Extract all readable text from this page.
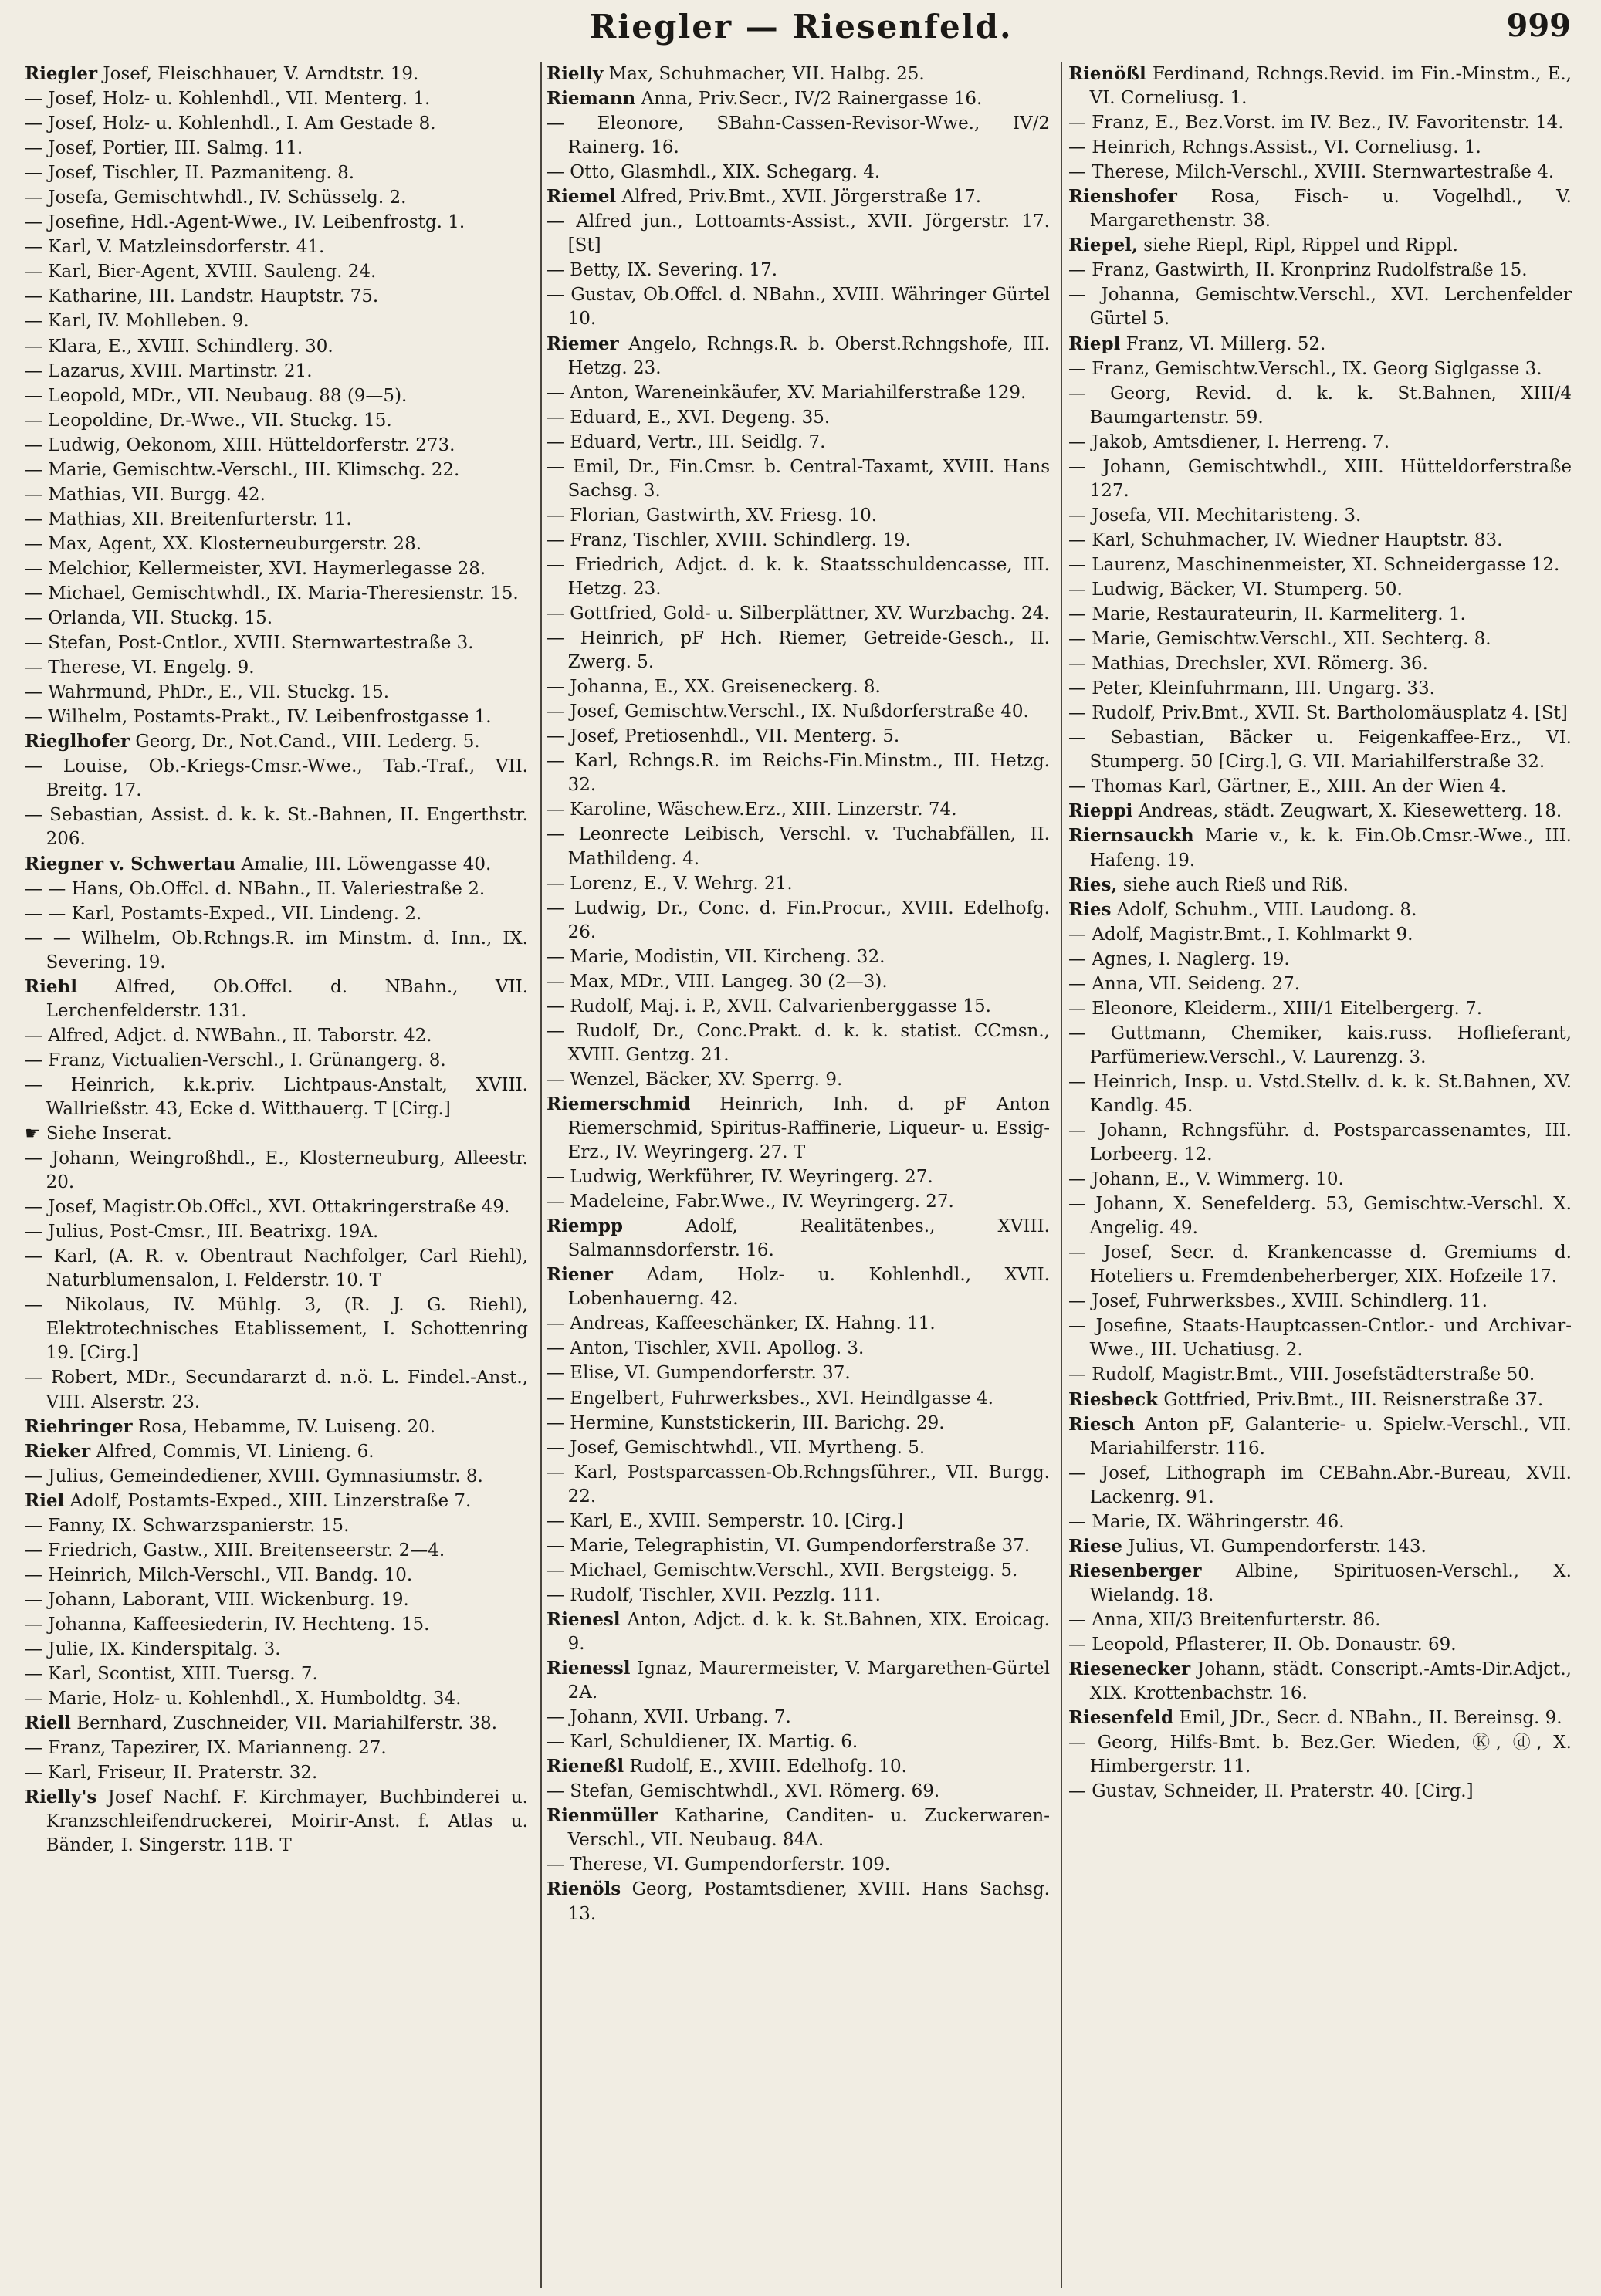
Riegler — Riesenfeld.	999

Riegler Josef, Fleischhauer, V. Arndtstr. 19.

— Josef, Holz- u. Kohlenhdl., VII. Menterg. 1.

— Josef, Holz- u. Kohlenhdl., I. Am Gestade 8.

— Josef, Portier, III. Salmg. 11.

— Josef, Tischler, II. Pazmaniteng. 8.

— Josefa, Gemischtwhdl., IV. Schüsselg. 2.

— Josefine, Hdl.-Agent-Wwe., IV. Leibenfrostg. 1.

— Karl, V. Matzleinsdorferstr. 41.

— Karl, Bier-Agent, XVIII. Sauleng. 24.

— Katharine, III. Landstr. Hauptstr. 75.

— Karl, IV. Mohlleben. 9.

— Klara, E., XVIII. Schindlerg. 30.

— Lazarus, XVIII. Martinstr. 21.

— Leopold, MDr., VII. Neubaug. 88 (9—5).

— Leopoldine, Dr.-Wwe., VII. Stuckg. 15.

— Ludwig, Oekonom, XIII. Hütteldorferstr. 273.

— Marie, Gemischtw.-Verschl., III. Klimschg. 22.

— Mathias, VII. Burgg. 42.

— Mathias, XII. Breitenfurterstr. 11.

— Max, Agent, XX. Klosterneuburgerstr. 28.

— Melchior, Kellermeister, XVI. Haymerlegasse 28.

— Michael, Gemischtwhdl., IX. Maria-Theresienstr. 15.

— Orlanda, VII. Stuckg. 15.

— Stefan, Post-Cntlor., XVIII. Sternwartestraße 3.

— Therese, VI. Engelg. 9.

— Wahrmund, PhDr., E., VII. Stuckg. 15.

— Wilhelm, Postamts-Prakt., IV. Leibenfrostgasse 1.

Rieglhofer Georg, Dr., Not.Cand., VIII. Lederg. 5.

— Louise, Ob.-Kriegs-Cmsr.-Wwe., Tab.-Traf., VII. Breitg. 17.

— Sebastian, Assist. d. k. k. St.-Bahnen, II. Engerthstr. 206.

Riegner v. Schwertau Amalie, III. Löwengasse 40.

— — Hans, Ob.Offcl. d. NBahn., II. Valeriestraße 2.

— — Karl, Postamts-Exped., VII. Lindeng. 2.

— — Wilhelm, Ob.Rchngs.R. im Minstm. d. Inn., IX. Severing. 19.

Riehl Alfred, Ob.Offcl. d. NBahn., VII. Lerchenfelderstr. 131.

— Alfred, Adjct. d. NWBahn., II. Taborstr. 42.

— Franz, Victualien-Verschl., I. Grünangerg. 8.

— Heinrich, k.k.priv. Lichtpaus-Anstalt, XVIII. Wallrießstr. 43, Ecke d. Witthauerg. T [Cirg.]

☛ Siehe Inserat.

— Johann, Weingroßhdl., E., Klosterneuburg, Alleestr. 20.

— Josef, Magistr.Ob.Offcl., XVI. Ottakringerstraße 49.

— Julius, Post-Cmsr., III. Beatrixg. 19A.

— Karl, (A. R. v. Obentraut Nachfolger, Carl Riehl), Naturblumensalon, I. Felderstr. 10. T

— Nikolaus, IV. Mühlg. 3, (R. J. G. Riehl), Elektrotechnisches Etablissement, I. Schottenring 19. [Cirg.]

— Robert, MDr., Secundararzt d. n.ö. L. Findel.-Anst., VIII. Alserstr. 23.

Riehringer Rosa, Hebamme, IV. Luiseng. 20.

Rieker Alfred, Commis, VI. Linieng. 6.

— Julius, Gemeindediener, XVIII. Gymnasiumstr. 8.

Riel Adolf, Postamts-Exped., XIII. Linzerstraße 7.

— Fanny, IX. Schwarzspanierstr. 15.

— Friedrich, Gastw., XIII. Breitenseerstr. 2—4.

— Heinrich, Milch-Verschl., VII. Bandg. 10.

— Johann, Laborant, VIII. Wickenburg. 19.

— Johanna, Kaffeesiederin, IV. Hechteng. 15.

— Julie, IX. Kinderspitalg. 3.

— Karl, Scontist, XIII. Tuersg. 7.

— Marie, Holz- u. Kohlenhdl., X. Humboldtg. 34.

Riell Bernhard, Zuschneider, VII. Mariahilferstr. 38.

— Franz, Tapezirer, IX. Marianneng. 27.

— Karl, Friseur, II. Praterstr. 32.

Rielly's Josef Nachf. F. Kirchmayer, Buchbinderei u. Kranzschleifendruckerei, Moirir-Anst. f. Atlas u. Bänder, I. Singerstr. 11B. T

Rielly Max, Schuhmacher, VII. Halbg. 25.

Riemann Anna, Priv.Secr., IV/2 Rainergasse 16.

— Eleonore, SBahn-Cassen-Revisor-Wwe., IV/2 Rainerg. 16.

— Otto, Glasmhdl., XIX. Schegarg. 4.

Riemel Alfred, Priv.Bmt., XVII. Jörgerstraße 17.

— Alfred jun., Lottoamts-Assist., XVII. Jörgerstr. 17. [St]

— Betty, IX. Severing. 17.

— Gustav, Ob.Offcl. d. NBahn., XVIII. Währinger Gürtel 10.

Riemer Angelo, Rchngs.R. b. Oberst.Rchngshofe, III. Hetzg. 23.

— Anton, Wareneinkäufer, XV. Mariahilferstraße 129.

— Eduard, E., XVI. Degeng. 35.

— Eduard, Vertr., III. Seidlg. 7.

— Emil, Dr., Fin.Cmsr. b. Central-Taxamt, XVIII. Hans Sachsg. 3.

— Florian, Gastwirth, XV. Friesg. 10.

— Franz, Tischler, XVIII. Schindlerg. 19.

— Friedrich, Adjct. d. k. k. Staatsschuldencasse, III. Hetzg. 23.

— Gottfried, Gold- u. Silberplättner, XV. Wurzbachg. 24.

— Heinrich, pF Hch. Riemer, Getreide-Gesch., II. Zwerg. 5.

— Johanna, E., XX. Greiseneckerg. 8.

— Josef, Gemischtw.Verschl., IX. Nußdorferstraße 40.

— Josef, Pretiosenhdl., VII. Menterg. 5.

— Karl, Rchngs.R. im Reichs-Fin.Minstm., III. Hetzg. 32.

— Karoline, Wäschew.Erz., XIII. Linzerstr. 74.

— Leonrecte Leibisch, Verschl. v. Tuchabfällen, II. Mathildeng. 4.

— Lorenz, E., V. Wehrg. 21.

— Ludwig, Dr., Conc. d. Fin.Procur., XVIII. Edelhofg. 26.

— Marie, Modistin, VII. Kircheng. 32.

— Max, MDr., VIII. Langeg. 30 (2—3).

— Rudolf, Maj. i. P., XVII. Calvarienberggasse 15.

— Rudolf, Dr., Conc.Prakt. d. k. k. statist. CCmsn., XVIII. Gentzg. 21.

— Wenzel, Bäcker, XV. Sperrg. 9.

Riemerschmid Heinrich, Inh. d. pF Anton Riemerschmid, Spiritus-Raffinerie, Liqueur- u. Essig-Erz., IV. Weyringerg. 27. T

— Ludwig, Werkführer, IV. Weyringerg. 27.

— Madeleine, Fabr.Wwe., IV. Weyringerg. 27.

Riempp Adolf, Realitätenbes., XVIII. Salmannsdorferstr. 16.

Riener Adam, Holz- u. Kohlenhdl., XVII. Lobenhauerng. 42.

— Andreas, Kaffeeschänker, IX. Hahng. 11.

— Anton, Tischler, XVII. Apollog. 3.

— Elise, VI. Gumpendorferstr. 37.

— Engelbert, Fuhrwerksbes., XVI. Heindlgasse 4.

— Hermine, Kunststickerin, III. Barichg. 29.

— Josef, Gemischtwhdl., VII. Myrtheng. 5.

— Karl, Postsparcassen-Ob.Rchngsführer., VII. Burgg. 22.

— Karl, E., XVIII. Semperstr. 10. [Cirg.]

— Marie, Telegraphistin, VI. Gumpendorferstraße 37.

— Michael, Gemischtw.Verschl., XVII. Bergsteigg. 5.

— Rudolf, Tischler, XVII. Pezzlg. 111.

Rienesl Anton, Adjct. d. k. k. St.Bahnen, XIX. Eroicag. 9.

Rienessl Ignaz, Maurermeister, V. Margarethen-Gürtel 2A.

— Johann, XVII. Urbang. 7.

— Karl, Schuldiener, IX. Martig. 6.

Rieneßl Rudolf, E., XVIII. Edelhofg. 10.

— Stefan, Gemischtwhdl., XVI. Römerg. 69.

Rienmüller Katharine, Canditen- u. Zuckerwaren-Verschl., VII. Neubaug. 84A.

— Therese, VI. Gumpendorferstr. 109.

Rienöls Georg, Postamtsdiener, XVIII. Hans Sachsg. 13.

Rienößl Ferdinand, Rchngs.Revid. im Fin.-Minstm., E., VI. Corneliusg. 1.

— Franz, E., Bez.Vorst. im IV. Bez., IV. Favoritenstr. 14.

— Heinrich, Rchngs.Assist., VI. Corneliusg. 1.

— Therese, Milch-Verschl., XVIII. Sternwartestraße 4.

Rienshofer Rosa, Fisch- u. Vogelhdl., V. Margarethenstr. 38.

Riepel, siehe Riepl, Ripl, Rippel und Rippl.

— Franz, Gastwirth, II. Kronprinz Rudolfstraße 15.

— Johanna, Gemischtw.Verschl., XVI. Lerchenfelder Gürtel 5.

Riepl Franz, VI. Millerg. 52.

— Franz, Gemischtw.Verschl., IX. Georg Siglgasse 3.

— Georg, Revid. d. k. k. St.Bahnen, XIII/4 Baumgartenstr. 59.

— Jakob, Amtsdiener, I. Herreng. 7.

— Johann, Gemischtwhdl., XIII. Hütteldorferstraße 127.

— Josefa, VII. Mechitaristeng. 3.

— Karl, Schuhmacher, IV. Wiedner Hauptstr. 83.

— Laurenz, Maschinenmeister, XI. Schneidergasse 12.

— Ludwig, Bäcker, VI. Stumperg. 50.

— Marie, Restaurateurin, II. Karmeliterg. 1.

— Marie, Gemischtw.Verschl., XII. Sechterg. 8.

— Mathias, Drechsler, XVI. Römerg. 36.

— Peter, Kleinfuhrmann, III. Ungarg. 33.

— Rudolf, Priv.Bmt., XVII. St. Bartholomäusplatz 4. [St]

— Sebastian, Bäcker u. Feigenkaffee-Erz., VI. Stumperg. 50 [Cirg.], G. VII. Mariahilferstraße 32.

— Thomas Karl, Gärtner, E., XIII. An der Wien 4.

Rieppi Andreas, städt. Zeugwart, X. Kiesewetterg. 18.

Riernsauckh Marie v., k. k. Fin.Ob.Cmsr.-Wwe., III. Hafeng. 19.

Ries, siehe auch Rieß und Riß.

Ries Adolf, Schuhm., VIII. Laudong. 8.

— Adolf, Magistr.Bmt., I. Kohlmarkt 9.

— Agnes, I. Naglerg. 19.

— Anna, VII. Seideng. 27.

— Eleonore, Kleiderm., XIII/1 Eitelbergerg. 7.

— Guttmann, Chemiker, kais.russ. Hoflieferant, Parfümeriew.Verschl., V. Laurenzg. 3.

— Heinrich, Insp. u. Vstd.Stellv. d. k. k. St.Bahnen, XV. Kandlg. 45.

— Johann, Rchngsführ. d. Postsparcassenamtes, III. Lorbeerg. 12.

— Johann, E., V. Wimmerg. 10.

— Johann, X. Senefelderg. 53, Gemischtw.-Verschl. X. Angelig. 49.

— Josef, Secr. d. Krankencasse d. Gremiums d. Hoteliers u. Fremdenbeherberger, XIX. Hofzeile 17.

— Josef, Fuhrwerksbes., XVIII. Schindlerg. 11.

— Josefine, Staats-Hauptcassen-Cntlor.- und Archivar-Wwe., III. Uchatiusg. 2.

— Rudolf, Magistr.Bmt., VIII. Josefstädterstraße 50.

Riesbeck Gottfried, Priv.Bmt., III. Reisnerstraße 37.

Riesch Anton pF, Galanterie- u. Spielw.-Verschl., VII. Mariahilferstr. 116.

— Josef, Lithograph im CEBahn.Abr.-Bureau, XVII. Lackenrg. 91.

— Marie, IX. Währingerstr. 46.

Riese Julius, VI. Gumpendorferstr. 143.

Riesenberger Albine, Spirituosen-Verschl., X. Wielandg. 18.

— Anna, XII/3 Breitenfurterstr. 86.

— Leopold, Pflasterer, II. Ob. Donaustr. 69.

Riesenecker Johann, städt. Conscript.-Amts-Dir.Adjct., XIX. Krottenbachstr. 16.

Riesenfeld Emil, JDr., Secr. d. NBahn., II. Bereinsg. 9.

— Georg, Hilfs-Bmt. b. Bez.Ger. Wieden, Ⓚ, ⓓ, X. Himbergerstr. 11.

— Gustav, Schneider, II. Praterstr. 40. [Cirg.]
